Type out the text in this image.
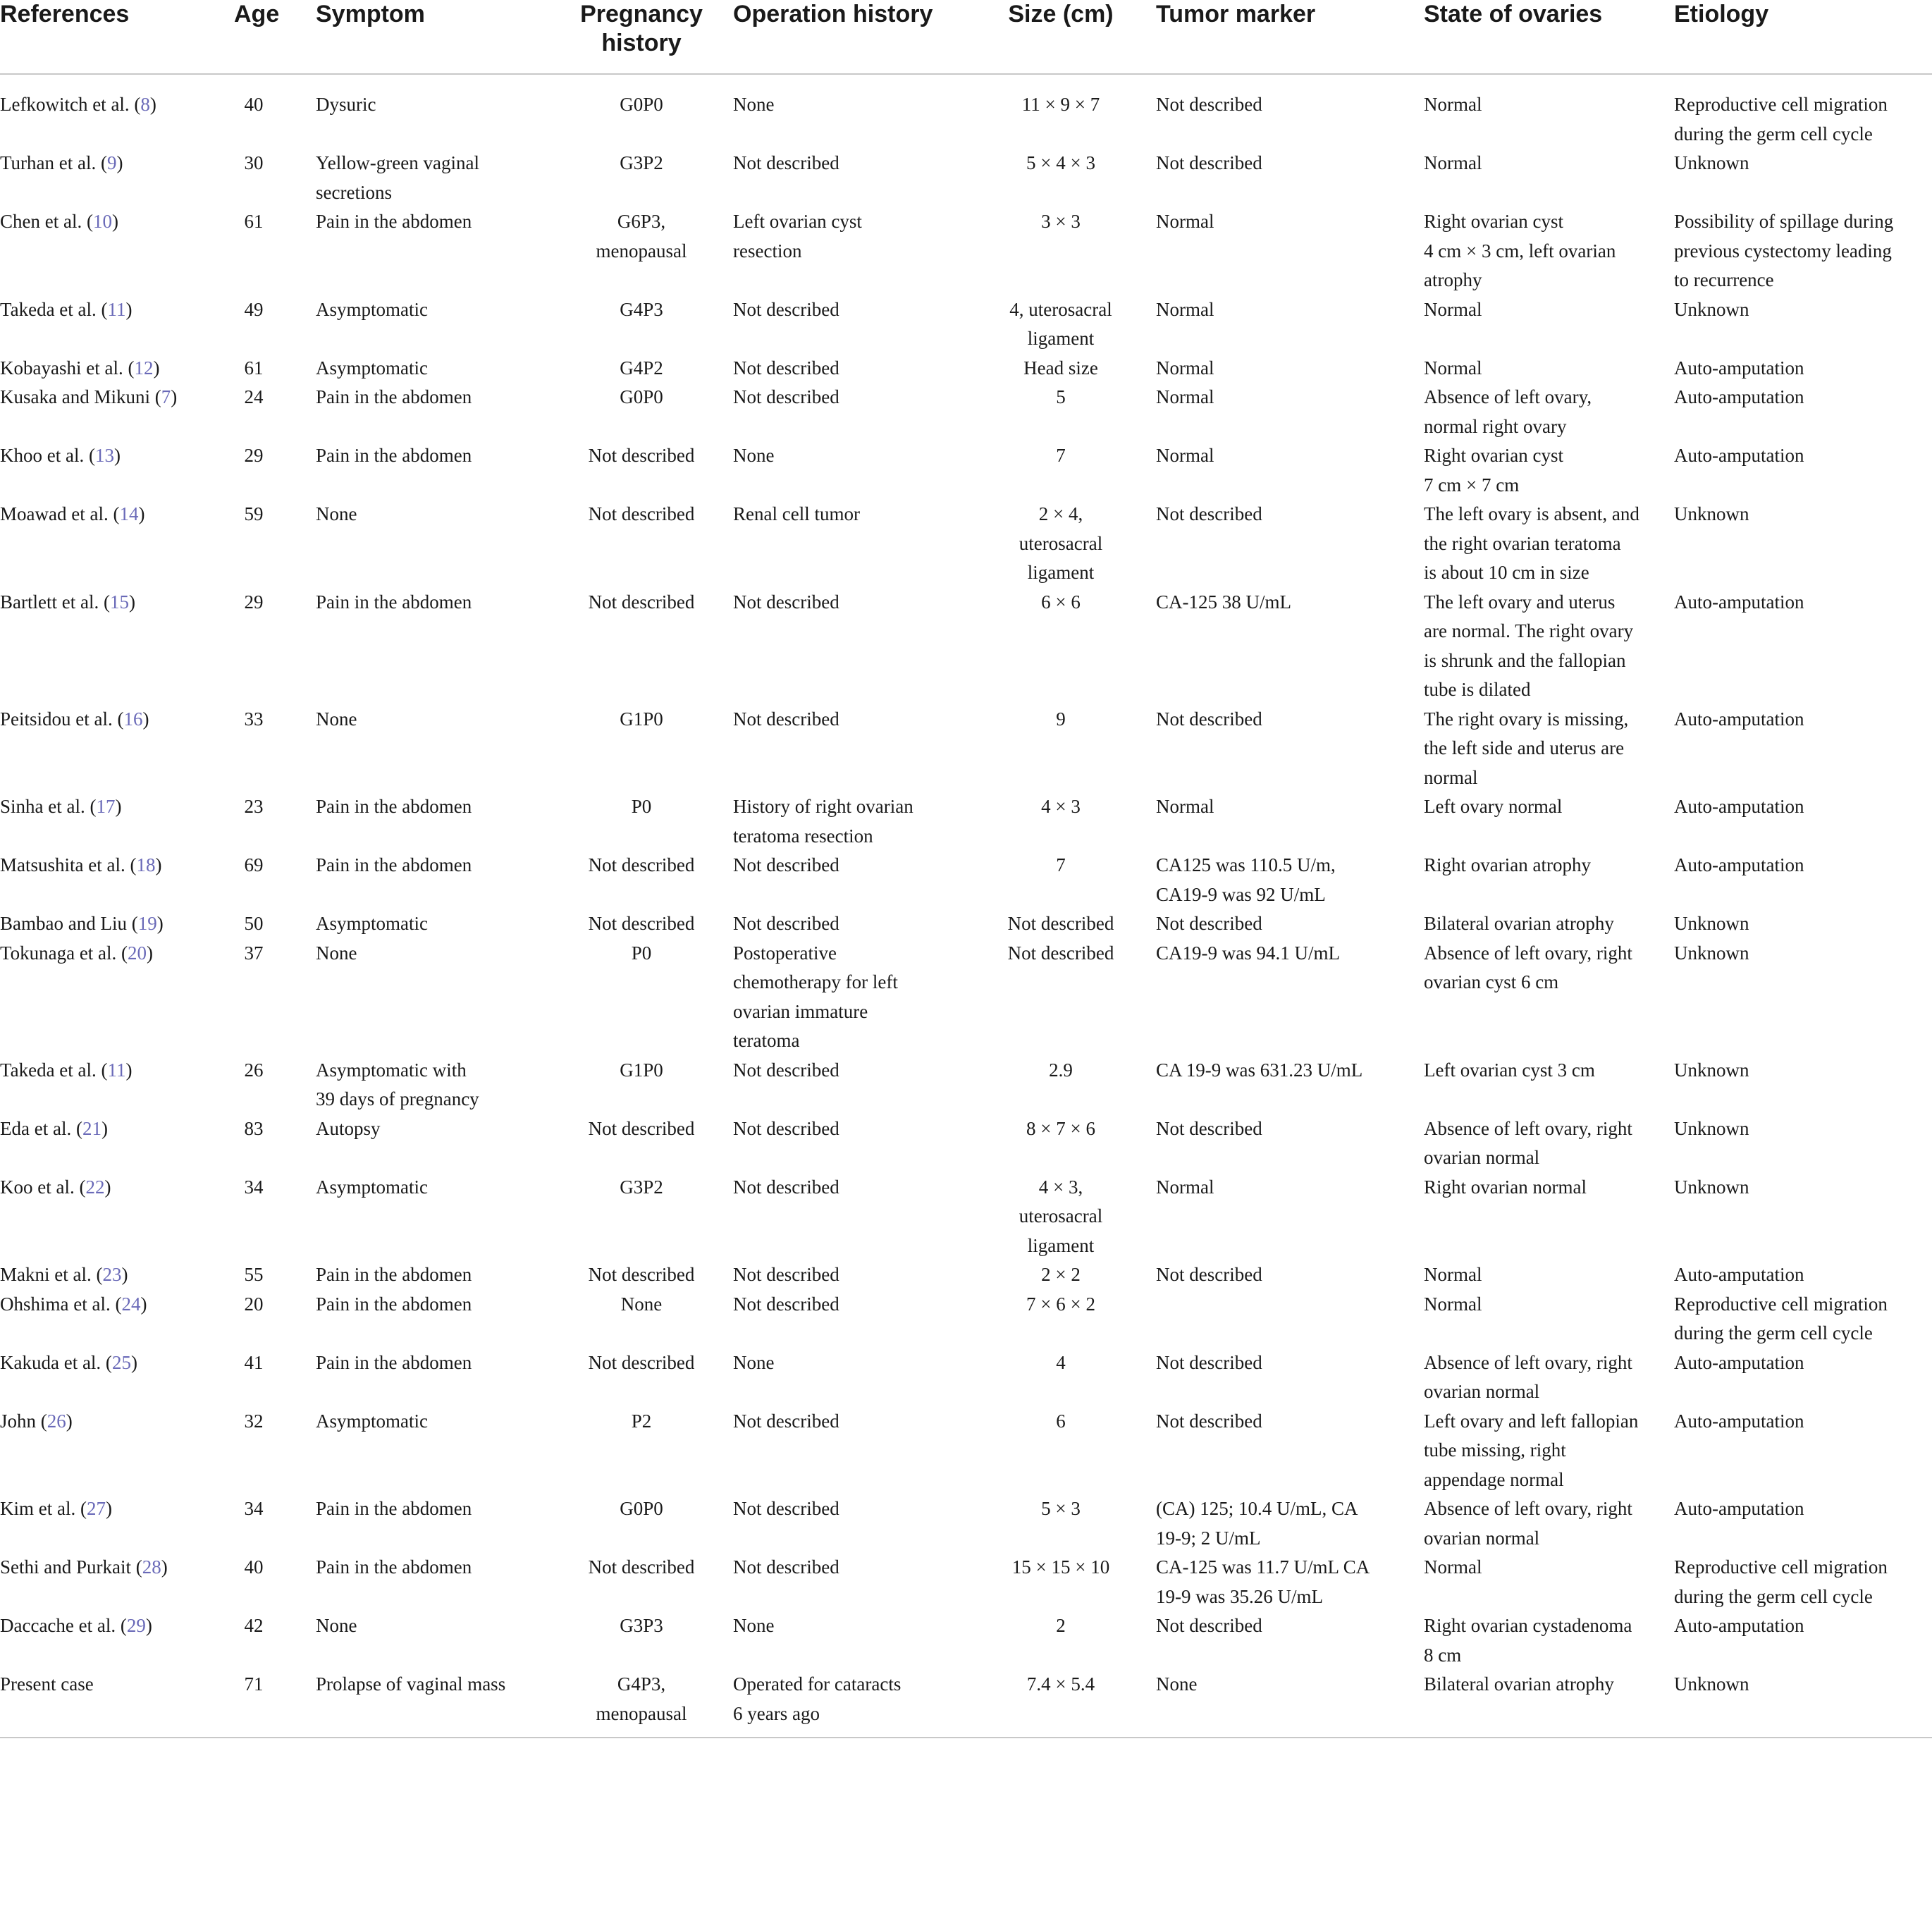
References	Age	Symptom	Pregnancy
history	Operation history	Size (cm)	Tumor marker	State of ovaries	Etiology
Lefkowitch et al. (8)	40	Dysuric	G0P0	None	11 × 9 × 7	Not described	Normal	Reproductive cell migration
during the germ cell cycle
Turhan et al. (9)	30	Yellow-green vaginal
secretions	G3P2	Not described	5 × 4 × 3	Not described	Normal	Unknown
Chen et al. (10)	61	Pain in the abdomen	G6P3,
menopausal	Left ovarian cyst
resection	3 × 3	Normal	Right ovarian cyst
4 cm × 3 cm, left ovarian
atrophy	Possibility of spillage during
previous cystectomy leading
to recurrence
Takeda et al. (11)	49	Asymptomatic	G4P3	Not described	4, uterosacral
ligament	Normal	Normal	Unknown
Kobayashi et al. (12)	61	Asymptomatic	G4P2	Not described	Head size	Normal	Normal	Auto-amputation
Kusaka and Mikuni (7)	24	Pain in the abdomen	G0P0	Not described	5	Normal	Absence of left ovary,
normal right ovary	Auto-amputation
Khoo et al. (13)	29	Pain in the abdomen	Not described	None	7	Normal	Right ovarian cyst
7 cm × 7 cm	Auto-amputation
Moawad et al. (14)	59	None	Not described	Renal cell tumor	2 × 4,
uterosacral
ligament	Not described	The left ovary is absent, and
the right ovarian teratoma
is about 10 cm in size	Unknown
Bartlett et al. (15)	29	Pain in the abdomen	Not described	Not described	6 × 6	CA-125 38 U/mL	The left ovary and uterus
are normal. The right ovary
is shrunk and the fallopian
tube is dilated	Auto-amputation
Peitsidou et al. (16)	33	None	G1P0	Not described	9	Not described	The right ovary is missing,
the left side and uterus are
normal	Auto-amputation
Sinha et al. (17)	23	Pain in the abdomen	P0	History of right ovarian
teratoma resection	4 × 3	Normal	Left ovary normal	Auto-amputation
Matsushita et al. (18)	69	Pain in the abdomen	Not described	Not described	7	CA125 was 110.5 U/m,
CA19-9 was 92 U/mL	Right ovarian atrophy	Auto-amputation
Bambao and Liu (19)	50	Asymptomatic	Not described	Not described	Not described	Not described	Bilateral ovarian atrophy	Unknown
Tokunaga et al. (20)	37	None	P0	Postoperative
chemotherapy for left
ovarian immature
teratoma	Not described	CA19-9 was 94.1 U/mL	Absence of left ovary, right
ovarian cyst 6 cm	Unknown
Takeda et al. (11)	26	Asymptomatic with
39 days of pregnancy	G1P0	Not described	2.9	CA 19-9 was 631.23 U/mL	Left ovarian cyst 3 cm	Unknown
Eda et al. (21)	83	Autopsy	Not described	Not described	8 × 7 × 6	Not described	Absence of left ovary, right
ovarian normal	Unknown
Koo et al. (22)	34	Asymptomatic	G3P2	Not described	4 × 3,
uterosacral
ligament	Normal	Right ovarian normal	Unknown
Makni et al. (23)	55	Pain in the abdomen	Not described	Not described	2 × 2	Not described	Normal	Auto-amputation
Ohshima et al. (24)	20	Pain in the abdomen	None	Not described	7 × 6 × 2		Normal	Reproductive cell migration
during the germ cell cycle
Kakuda et al. (25)	41	Pain in the abdomen	Not described	None	4	Not described	Absence of left ovary, right
ovarian normal	Auto-amputation
John (26)	32	Asymptomatic	P2	Not described	6	Not described	Left ovary and left fallopian
tube missing, right
appendage normal	Auto-amputation
Kim et al. (27)	34	Pain in the abdomen	G0P0	Not described	5 × 3	(CA) 125; 10.4 U/mL, CA
19-9; 2 U/mL	Absence of left ovary, right
ovarian normal	Auto-amputation
Sethi and Purkait (28)	40	Pain in the abdomen	Not described	Not described	15 × 15 × 10	CA-125 was 11.7 U/mL CA
19-9 was 35.26 U/mL	Normal	Reproductive cell migration
during the germ cell cycle
Daccache et al. (29)	42	None	G3P3	None	2	Not described	Right ovarian cystadenoma
8 cm	Auto-amputation
Present case	71	Prolapse of vaginal mass	G4P3,
menopausal	Operated for cataracts
6 years ago	7.4 × 5.4	None	Bilateral ovarian atrophy	Unknown
